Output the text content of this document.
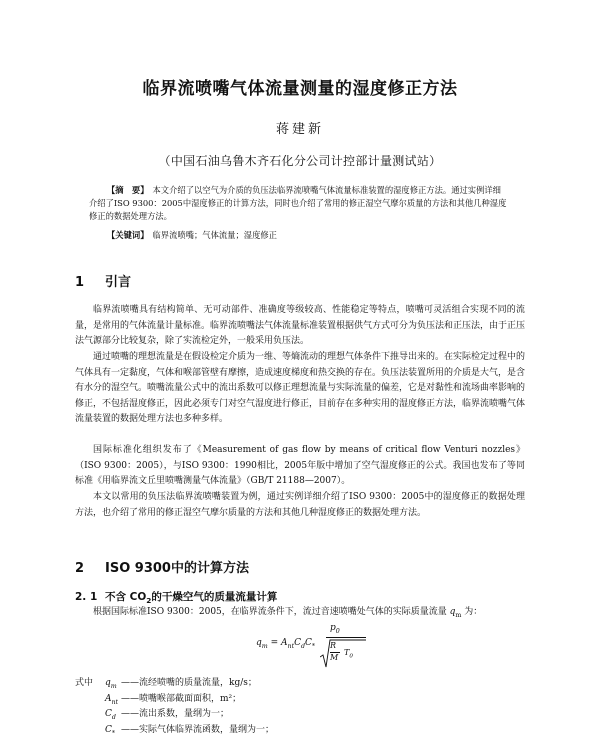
临界流喷嘴气体流量测量的湿度修正方法
蒋建新
（中国石油乌鲁木齐石化分公司计控部计量测试站）
【摘　要】 本文介绍了以空气为介质的负压法临界流喷嘴气体流量标准装置的湿度修正方法。通过实例详细介绍了ISO 9300：2005中湿度修正的计算方法，同时也介绍了常用的修正湿空气摩尔质量的方法和其他几种湿度修正的数据处理方法。
【关键词】 临界流喷嘴；气体流量；湿度修正
1 引言
临界流喷嘴具有结构简单、无可动部件、准确度等级较高、性能稳定等特点，喷嘴可灵活组合实现不同的流量，是常用的气体流量计量标准。临界流喷嘴法气体流量标准装置根据供气方式可分为负压法和正压法，由于正压法气源部分比较复杂，除了实流检定外，一般采用负压法。
通过喷嘴的理想流量是在假设检定介质为一维、等熵流动的理想气体条件下推导出来的。在实际检定过程中的气体具有一定黏度，气体和喉部管壁有摩擦，造成速度梯度和热交换的存在。负压法装置所用的介质是大气，是含有水分的湿空气。喷嘴流量公式中的流出系数可以修正理想流量与实际流量的偏差，它是对黏性和流场曲率影响的修正，不包括湿度修正，因此必须专门对空气湿度进行修正，目前存在多种实用的湿度修正方法，临界流喷嘴气体流量装置的数据处理方法也多种多样。
国际标准化组织发布了《Measurement of gas flow by means of critical flow Venturi nozzles》（ISO 9300：2005），与ISO 9300：1990相比，2005年版中增加了空气湿度修正的公式。我国也发布了等同标准《用临界流文丘里喷嘴测量气体流量》（GB/T 21188—2007）。
本文以常用的负压法临界流喷嘴装置为例，通过实例详细介绍了ISO 9300：2005中的湿度修正的数据处理方法，也介绍了常用的修正湿空气摩尔质量的方法和其他几种湿度修正的数据处理方法。
2 ISO 9300中的计算方法
2. 1 不含 $CO_2$的干燥空气的质量流量计算
根据国际标准ISO 9300：2005，在临界流条件下，流过音速喷嘴处气体的实际质量流量 $q_m$ 为：
$q_m = A_{nt}C_dC_*$
$p_0$
R
M
$T_0$
式中 $q_m$ ——流经喷嘴的质量流量，kg/s；
$A_{nt}$ ——喷嘴喉部截面面积，m²；
$C_d$ ——流出系数，量纲为一；
$C_*$ ——实际气体临界流函数，量纲为一；
